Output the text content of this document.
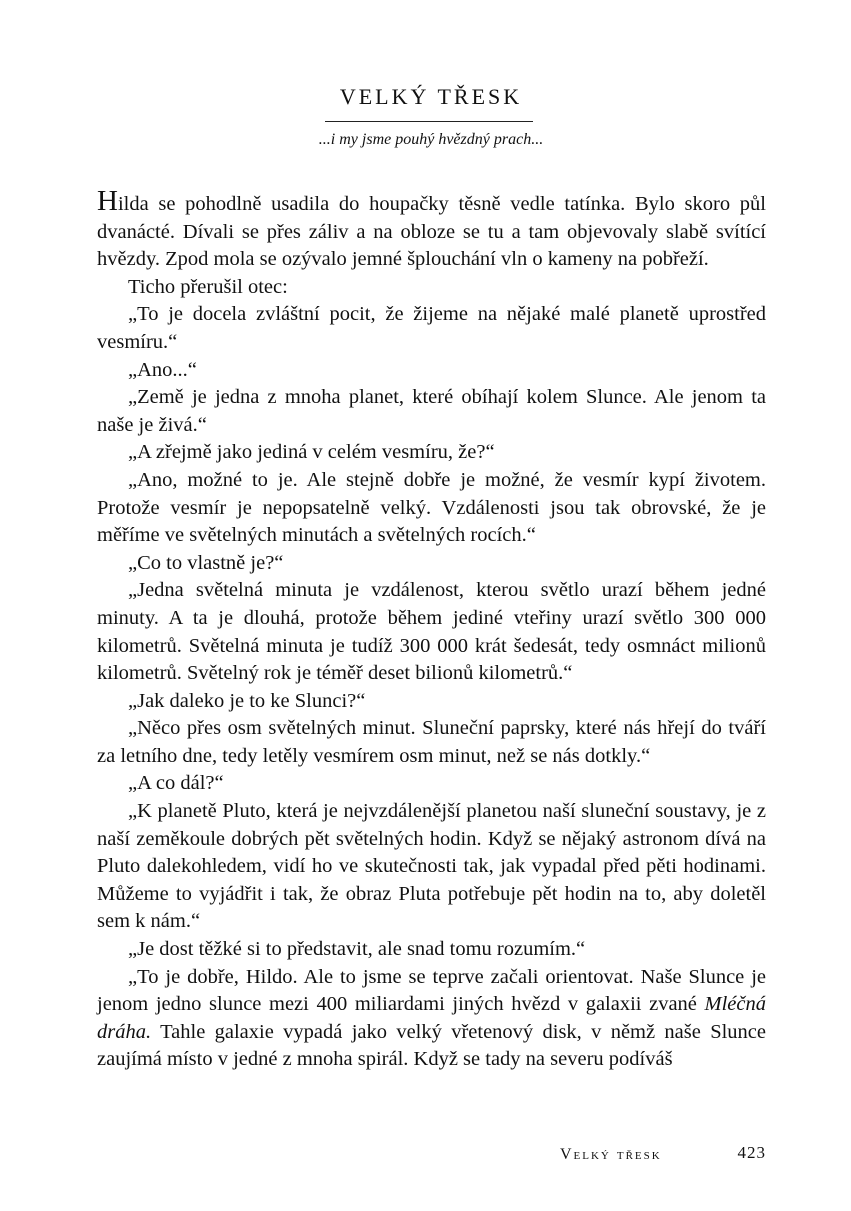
VELKÝ TŘESK

...i my jsme pouhý hvězdný prach...

Hilda se pohodlně usadila do houpačky těsně vedle tatínka. Bylo skoro půl dvanácté. Dívali se přes záliv a na obloze se tu a tam objevovaly slabě svítící hvězdy. Zpod mola se ozývalo jemné šplouchání vln o kameny na pobřeží.

Ticho přerušil otec:

„To je docela zvláštní pocit, že žijeme na nějaké malé planetě uprostřed vesmíru.“

„Ano...“

„Země je jedna z mnoha planet, které obíhají kolem Slunce. Ale jenom ta naše je živá.“

„A zřejmě jako jediná v celém vesmíru, že?“

„Ano, možné to je. Ale stejně dobře je možné, že vesmír kypí životem. Protože vesmír je nepopsatelně velký. Vzdálenosti jsou tak obrovské, že je měříme ve světelných minutách a světelných rocích.“

„Co to vlastně je?“

„Jedna světelná minuta je vzdálenost, kterou světlo urazí během jedné minuty. A ta je dlouhá, protože během jediné vteřiny urazí světlo 300 000 kilometrů. Světelná minuta je tudíž 300 000 krát šedesát, tedy osmnáct milionů kilometrů. Světelný rok je téměř deset bilionů kilometrů.“

„Jak daleko je to ke Slunci?“

„Něco přes osm světelných minut. Sluneční paprsky, které nás hřejí do tváří za letního dne, tedy letěly vesmírem osm minut, než se nás dotkly.“

„A co dál?“

„K planetě Pluto, která je nejvzdálenější planetou naší sluneční soustavy, je z naší zeměkoule dobrých pět světelných hodin. Když se nějaký astronom dívá na Pluto dalekohledem, vidí ho ve skutečnosti tak, jak vypadal před pěti hodinami. Můžeme to vyjádřit i tak, že obraz Pluta potřebuje pět hodin na to, aby doletěl sem k nám.“

„Je dost těžké si to představit, ale snad tomu rozumím.“

„To je dobře, Hildo. Ale to jsme se teprve začali orientovat. Naše Slunce je jenom jedno slunce mezi 400 miliardami jiných hvězd v galaxii zvané Mléčná dráha. Tahle galaxie vypadá jako velký vřetenový disk, v němž naše Slunce zaujímá místo v jedné z mnoha spirál. Když se tady na severu podíváš

Velký třesk	423
